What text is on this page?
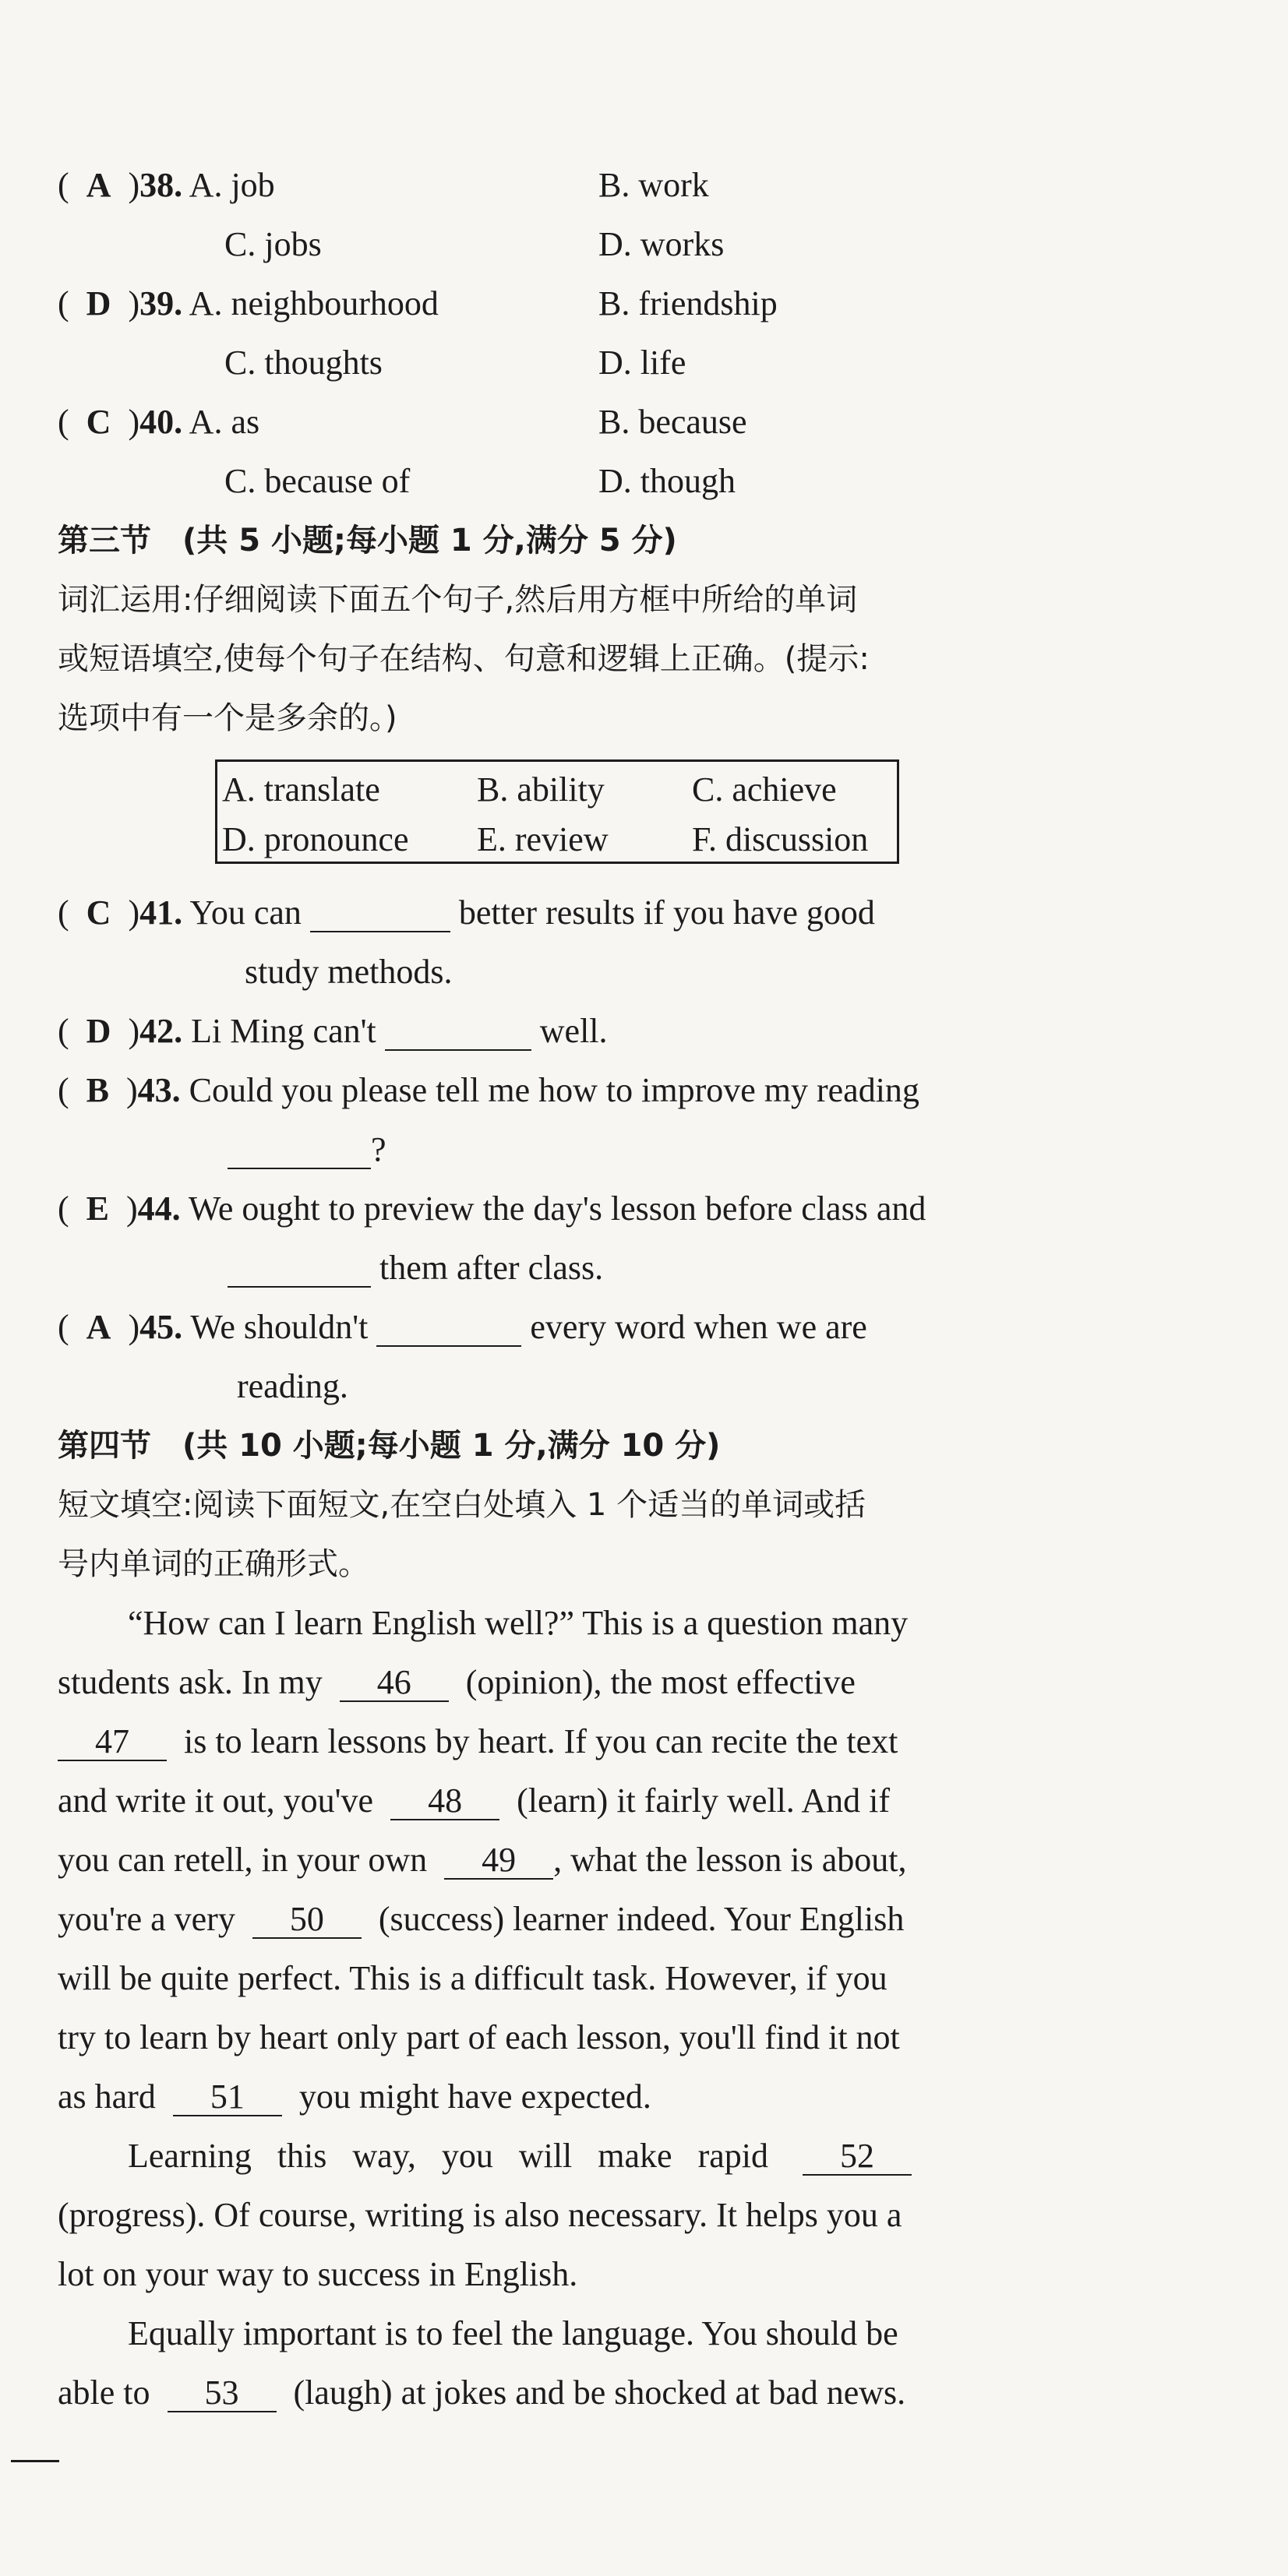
(  A  )38. A. job	B. work
C. jobs	D. works
(  D  )39. A. neighbourhood	B. friendship
C. thoughts	D. life
(  C  )40. A. as	B. because
C. because of	D. though
第三节　(共 5 小题;每小题 1 分,满分 5 分)
词汇运用:仔细阅读下面五个句子,然后用方框中所给的单词
或短语填空,使每个句子在结构、句意和逻辑上正确。(提示:
选项中有一个是多余的。)
A. translate	B. ability	C. achieve
D. pronounce E. review F. discussion
(  C  )41. You can	better results if you have good
study methods.
(  D  )42. Li Ming can't	well.
(  B  )43. Could you please tell me how to improve my reading
?
(  E  )44. We ought to preview the day's lesson before class and
them after class.
(  A  )45. We shouldn't	every word when we are
reading.
第四节　(共 10 小题;每小题 1 分,满分 10 分)
短文填空:阅读下面短文,在空白处填入 1 个适当的单词或括
号内单词的正确形式。
“How can I learn English well?” This is a question many
students ask. In my 46 (opinion), the most effective
47 is to learn lessons by heart. If you can recite the text
and write it out, you've 48 (learn) it fairly well. And if
you can retell, in your own 49 , what the lesson is about,
you're a very 50 (success) learner indeed. Your English
will be quite perfect. This is a difficult task. However, if you
try to learn by heart only part of each lesson, you'll find it not
as hard 51 you might have expected.
Learning this way, you will make rapid 52
(progress). Of course, writing is also necessary. It helps you a
lot on your way to success in English.
Equally important is to feel the language. You should be
able to 53 (laugh) at jokes and be shocked at bad news.
